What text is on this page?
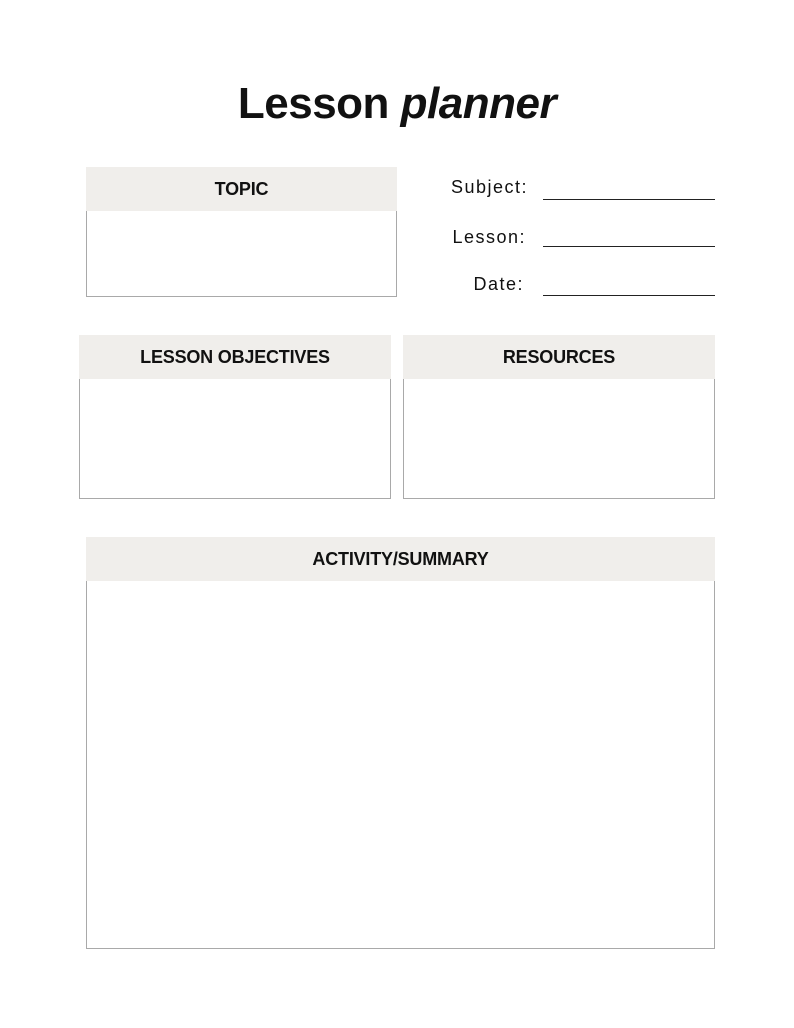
Lesson planner
TOPIC	Subject:
Lesson:
Date:
LESSON OBJECTIVES	RESOURCES
ACTIVITY/SUMMARY
